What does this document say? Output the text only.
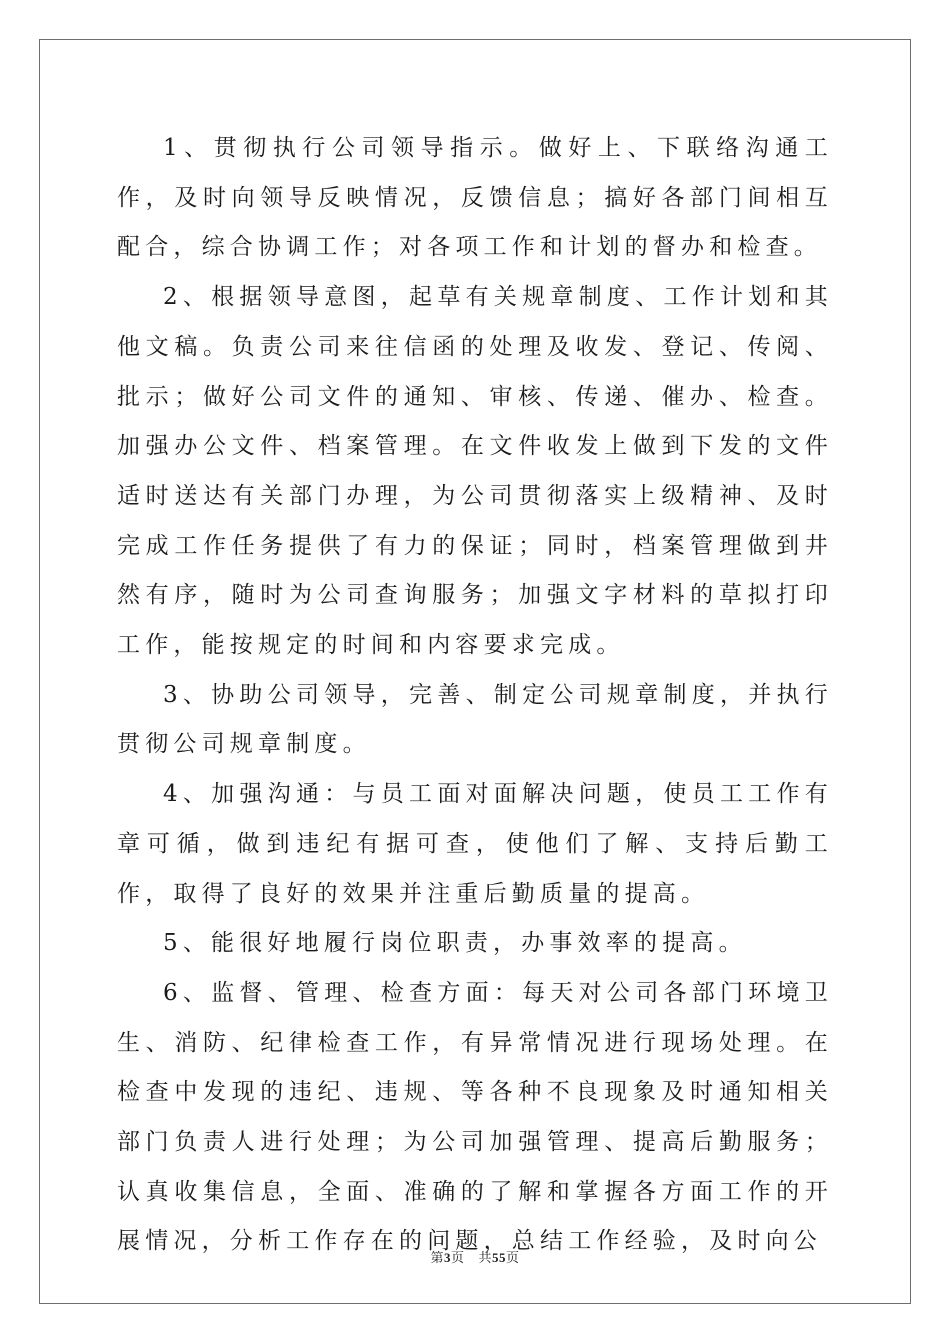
1、贯彻执行公司领导指示。做好上、下联络沟通工作，及时向领导反映情况，反馈信息；搞好各部门间相互配合，综合协调工作；对各项工作和计划的督办和检查。

2、根据领导意图，起草有关规章制度、工作计划和其他文稿。负责公司来往信函的处理及收发、登记、传阅、批示；做好公司文件的通知、审核、传递、催办、检查。加强办公文件、档案管理。在文件收发上做到下发的文件适时送达有关部门办理，为公司贯彻落实上级精神、及时完成工作任务提供了有力的保证；同时，档案管理做到井然有序，随时为公司查询服务；加强文字材料的草拟打印工作，能按规定的时间和内容要求完成。

3、协助公司领导，完善、制定公司规章制度，并执行贯彻公司规章制度。

4、加强沟通：与员工面对面解决问题，使员工工作有章可循，做到违纪有据可查，使他们了解、支持后勤工作，取得了良好的效果并注重后勤质量的提高。

5、能很好地履行岗位职责，办事效率的提高。

6、监督、管理、检查方面：每天对公司各部门环境卫生、消防、纪律检查工作，有异常情况进行现场处理。在检查中发现的违纪、违规、等各种不良现象及时通知相关部门负责人进行处理；为公司加强管理、提高后勤服务；认真收集信息，全面、准确的了解和掌握各方面工作的开展情况，分析工作存在的问题，总结工作经验，及时向公

第3页 共55页
